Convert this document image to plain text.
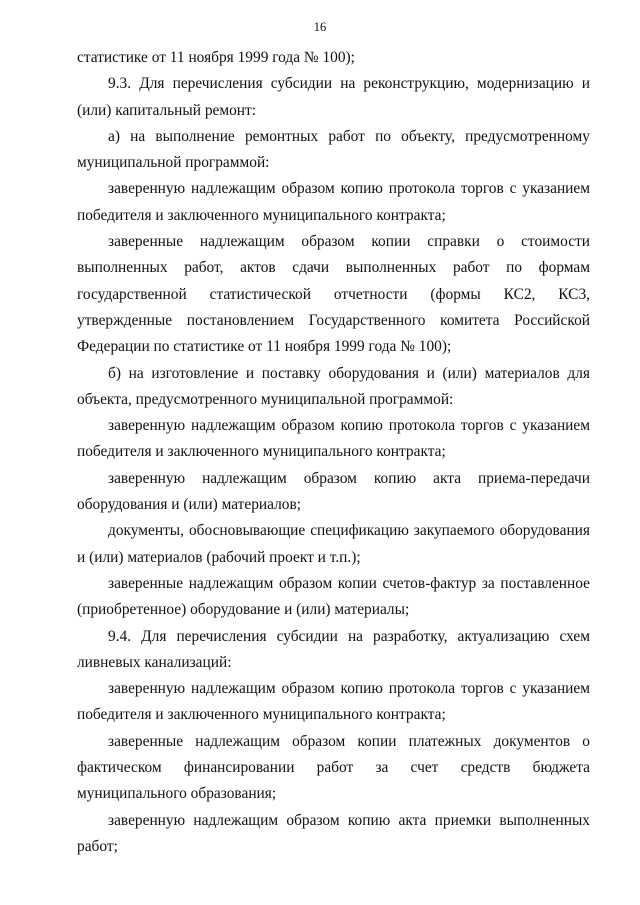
16

статистике от 11 ноября 1999 года № 100);

9.3. Для перечисления субсидии на реконструкцию, модернизацию и (или) капитальный ремонт:

а) на выполнение ремонтных работ по объекту, предусмотренному муниципальной программой:

заверенную надлежащим образом копию протокола торгов с указанием победителя и заключенного муниципального контракта;

заверенные надлежащим образом копии справки о стоимости выполненных работ, актов сдачи выполненных работ по формам государственной статистической отчетности (формы КС2, КС3, утвержденные постановлением Государственного комитета Российской Федерации по статистике от 11 ноября 1999 года № 100);

б) на изготовление и поставку оборудования и (или) материалов для объекта, предусмотренного муниципальной программой:

заверенную надлежащим образом копию протокола торгов с указанием победителя и заключенного муниципального контракта;

заверенную надлежащим образом копию акта приема-передачи оборудования и (или) материалов;

документы, обосновывающие спецификацию закупаемого оборудования и (или) материалов (рабочий проект и т.п.);

заверенные надлежащим образом копии счетов-фактур за поставленное (приобретенное) оборудование и (или) материалы;

9.4. Для перечисления субсидии на разработку, актуализацию схем ливневых канализаций:

заверенную надлежащим образом копию протокола торгов с указанием победителя и заключенного муниципального контракта;

заверенные надлежащим образом копии платежных документов о фактическом финансировании работ за счет средств бюджета муниципального образования;

заверенную надлежащим образом копию акта приемки выполненных работ;
